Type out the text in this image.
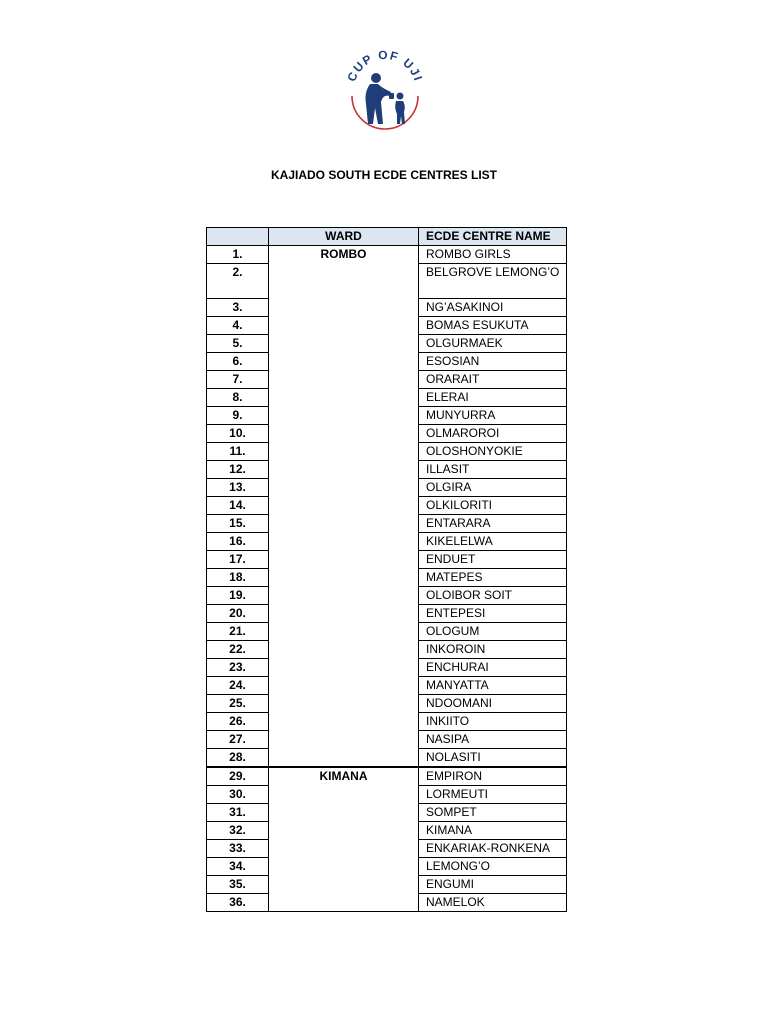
CUP OF UJI
KAJIADO SOUTH ECDE CENTRES LIST
	WARD	ECDE CENTRE NAME
1.	ROMBO	ROMBO GIRLS
2.		BELGROVE LEMONG’O
3.		NG’ASAKINOI
4.		BOMAS ESUKUTA
5.		OLGURMAEK
6.		ESOSIAN
7.		ORARAIT
8.		ELERAI
9.		MUNYURRA
10.		OLMAROROI
11.		OLOSHONYOKIE
12.		ILLASIT
13.		OLGIRA
14.		OLKILORITI
15.		ENTARARA
16.		KIKELELWA
17.		ENDUET
18.		MATEPES
19.		OLOIBOR SOIT
20.		ENTEPESI
21.		OLOGUM
22.		INKOROIN
23.		ENCHURAI
24.		MANYATTA
25.		NDOOMANI
26.		INKIITO
27.		NASIPA
28.		NOLASITI
29.	KIMANA	EMPIRON
30.		LORMEUTI
31.		SOMPET
32.		KIMANA
33.		ENKARIAK-RONKENA
34.		LEMONG’O
35.		ENGUMI
36.		NAMELOK
